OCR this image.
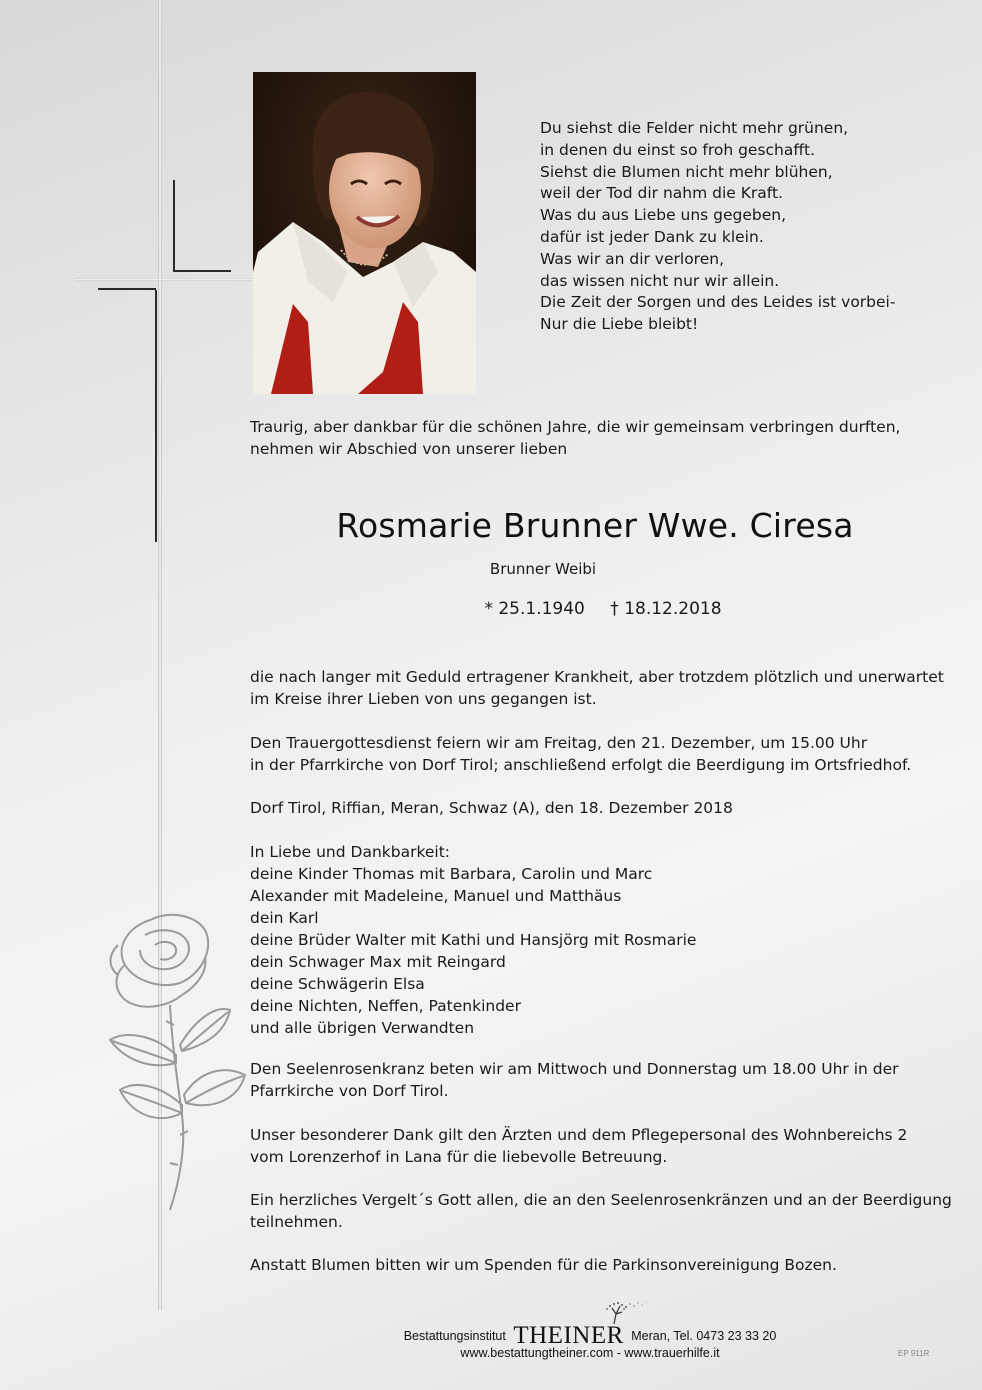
Du siehst die Felder nicht mehr grünen,
in denen du einst so froh geschafft.
Siehst die Blumen nicht mehr blühen,
weil der Tod dir nahm die Kraft.
Was du aus Liebe uns gegeben,
dafür ist jeder Dank zu klein.
Was wir an dir verloren,
das wissen nicht nur wir allein.
Die Zeit der Sorgen und des Leides ist vorbei-
Nur die Liebe bleibt!
Traurig, aber dankbar für die schönen Jahre, die wir gemeinsam verbringen durften,
nehmen wir Abschied von unserer lieben
Rosmarie Brunner Wwe. Ciresa
Brunner Weibi
* 25.1.1940 † 18.12.2018
die nach langer mit Geduld ertragener Krankheit, aber trotzdem plötzlich und unerwartet
im Kreise ihrer Lieben von uns gegangen ist.
Den Trauergottesdienst feiern wir am Freitag, den 21. Dezember, um 15.00 Uhr
in der Pfarrkirche von Dorf Tirol; anschließend erfolgt die Beerdigung im Ortsfriedhof.
Dorf Tirol, Riffian, Meran, Schwaz (A), den 18. Dezember 2018
In Liebe und Dankbarkeit:
deine Kinder Thomas mit Barbara, Carolin und Marc
Alexander mit Madeleine, Manuel und Matthäus
dein Karl
deine Brüder Walter mit Kathi und Hansjörg mit Rosmarie
dein Schwager Max mit Reingard
deine Schwägerin Elsa
deine Nichten, Neffen, Patenkinder
und alle übrigen Verwandten
Den Seelenrosenkranz beten wir am Mittwoch und Donnerstag um 18.00 Uhr in der
Pfarrkirche von Dorf Tirol.
Unser besonderer Dank gilt den Ärzten und dem Pflegepersonal des Wohnbereichs 2
vom Lorenzerhof in Lana für die liebevolle Betreuung.
Ein herzliches Vergelt´s Gott allen, die an den Seelenrosenkränzen und an der Beerdigung
teilnehmen.
Anstatt Blumen bitten wir um Spenden für die Parkinsonvereinigung Bozen.
Bestattungsinstitut THEINER Meran, Tel. 0473 23 33 20
www.bestattungtheiner.com - www.trauerhilfe.it	EP 911R
